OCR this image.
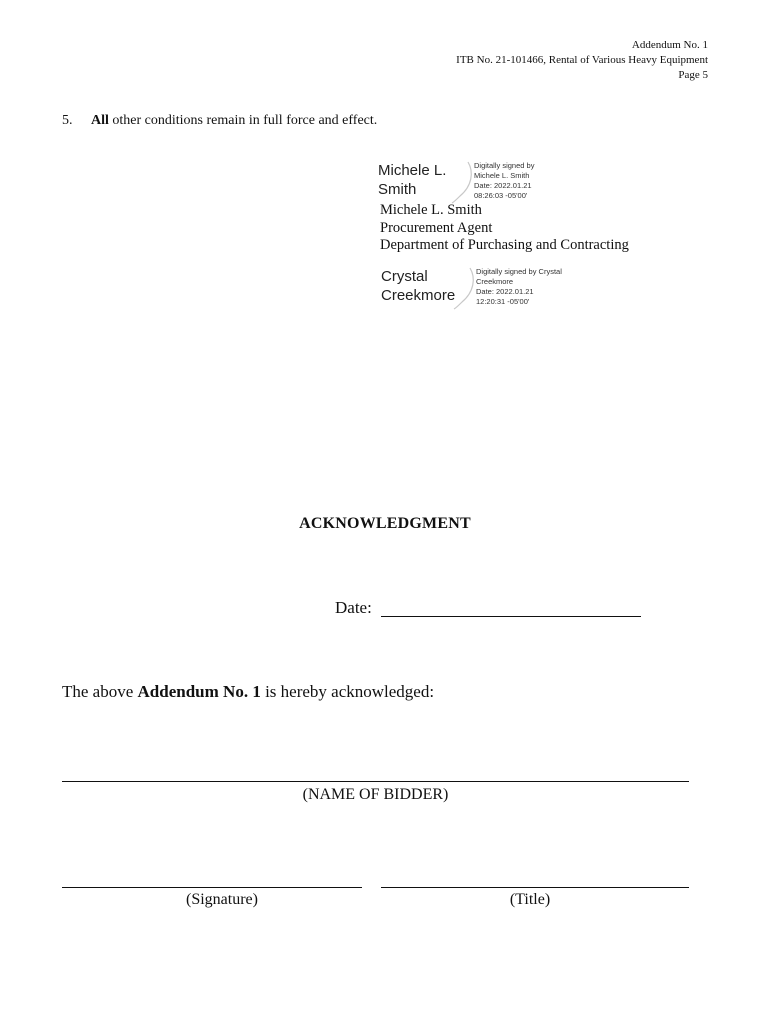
Addendum No. 1
ITB No. 21-101466, Rental of Various Heavy Equipment
Page 5
5. All other conditions remain in full force and effect.
Michele L.
Smith
Digitally signed by
Michele L. Smith
Date: 2022.01.21
08:26:03 -05'00'
Michele L. Smith
Procurement Agent
Department of Purchasing and Contracting
Crystal
Creekmore
Digitally signed by Crystal
Creekmore
Date: 2022.01.21
12:20:31 -05'00'
ACKNOWLEDGMENT
Date:
The above Addendum No. 1 is hereby acknowledged:
(NAME OF BIDDER)
(Signature)	(Title)
